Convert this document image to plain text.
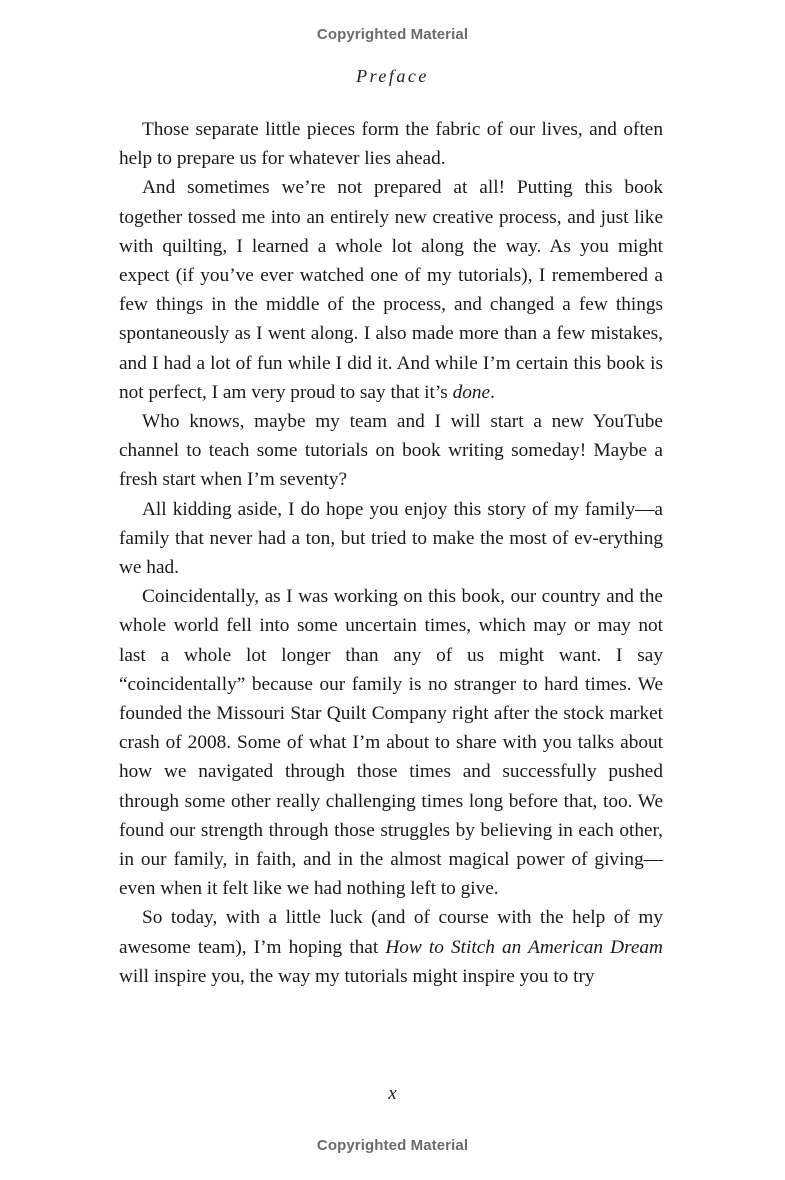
Copyrighted Material
Preface

Those separate little pieces form the fabric of our lives, and often help to prepare us for whatever lies ahead.

And sometimes we’re not prepared at all! Putting this book together tossed me into an entirely new creative process, and just like with quilting, I learned a whole lot along the way. As you might expect (if you’ve ever watched one of my tutorials), I remembered a few things in the middle of the process, and changed a few things spontaneously as I went along. I also made more than a few mistakes, and I had a lot of fun while I did it. And while I’m certain this book is not perfect, I am very proud to say that it’s done.

Who knows, maybe my team and I will start a new YouTube channel to teach some tutorials on book writing someday! Maybe a fresh start when I’m seventy?

All kidding aside, I do hope you enjoy this story of my family—a family that never had a ton, but tried to make the most of ev-erything we had.

Coincidentally, as I was working on this book, our country and the whole world fell into some uncertain times, which may or may not last a whole lot longer than any of us might want. I say “coincidentally” because our family is no stranger to hard times. We founded the Missouri Star Quilt Company right after the stock market crash of 2008. Some of what I’m about to share with you talks about how we navigated through those times and successfully pushed through some other really challenging times long before that, too. We found our strength through those struggles by believing in each other, in our family, in faith, and in the almost magical power of giving—even when it felt like we had nothing left to give.

So today, with a little luck (and of course with the help of my awesome team), I’m hoping that How to Stitch an American Dream will inspire you, the way my tutorials might inspire you to try

x
Copyrighted Material
